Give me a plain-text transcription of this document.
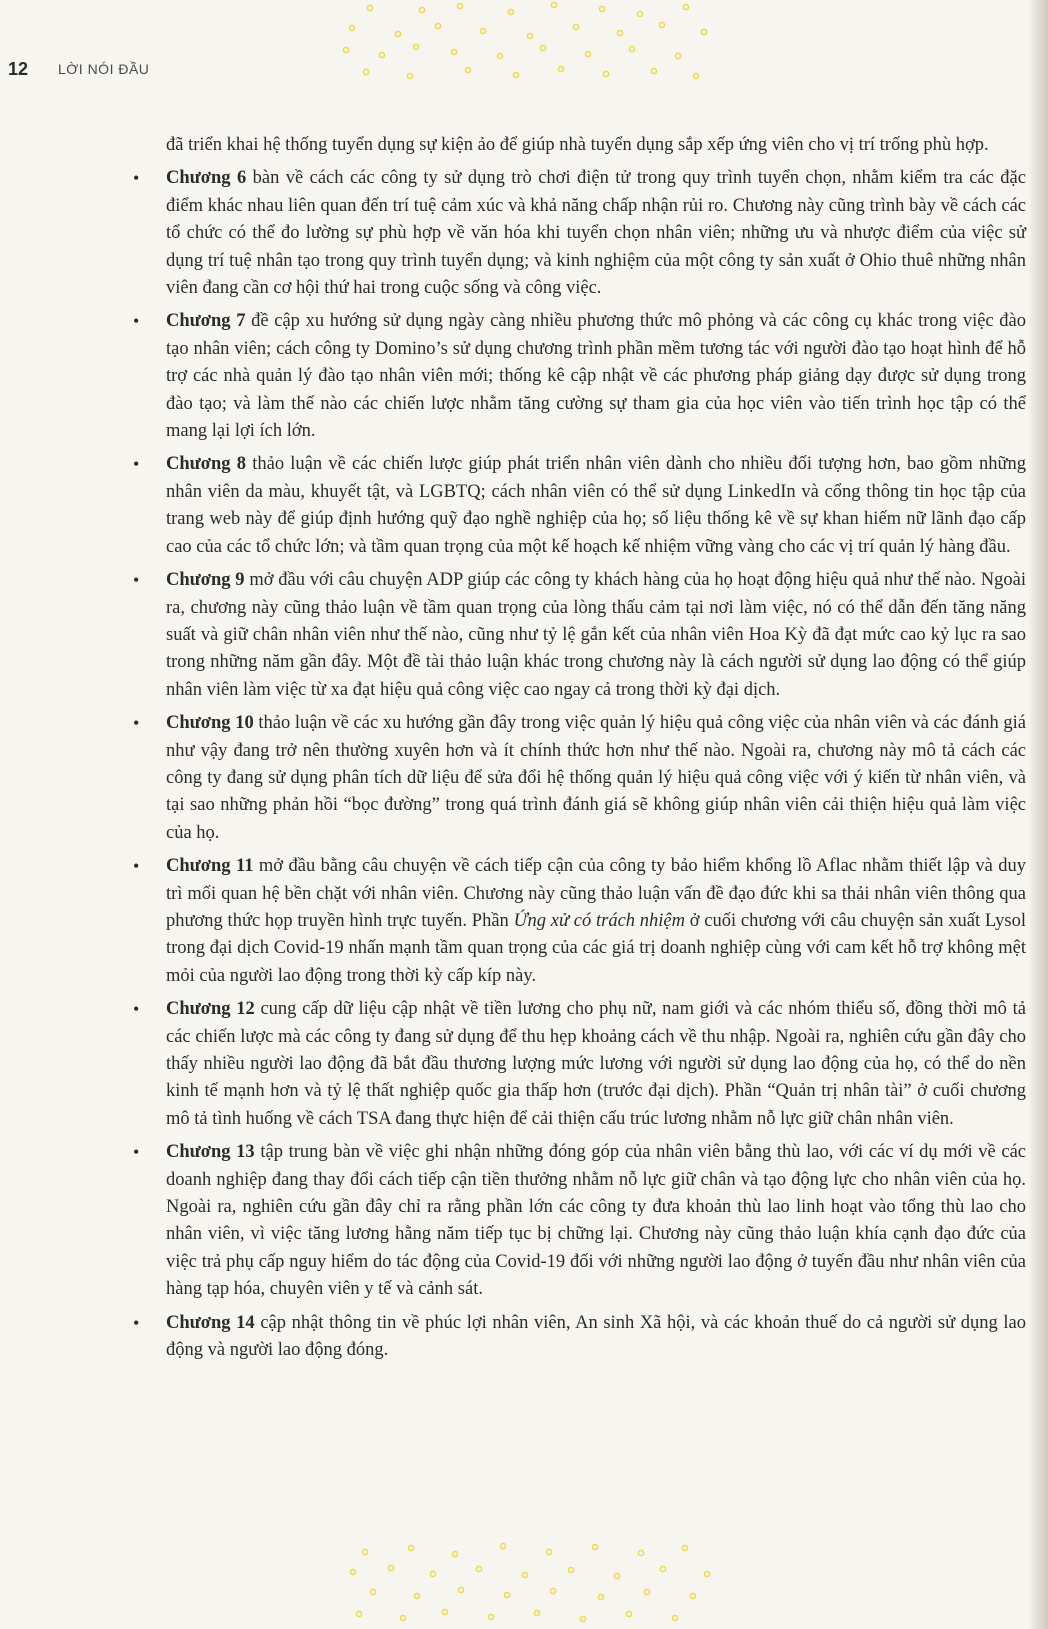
12	LỜI NÓI ĐẦU

đã triển khai hệ thống tuyển dụng sự kiện ảo để giúp nhà tuyển dụng sắp xếp ứng viên cho vị trí trống phù hợp.

• Chương 6 bàn về cách các công ty sử dụng trò chơi điện tử trong quy trình tuyển chọn, nhằm kiểm tra các đặc điểm khác nhau liên quan đến trí tuệ cảm xúc và khả năng chấp nhận rủi ro. Chương này cũng trình bày về cách các tổ chức có thể đo lường sự phù hợp về văn hóa khi tuyển chọn nhân viên; những ưu và nhược điểm của việc sử dụng trí tuệ nhân tạo trong quy trình tuyển dụng; và kinh nghiệm của một công ty sản xuất ở Ohio thuê những nhân viên đang cần cơ hội thứ hai trong cuộc sống và công việc.
• Chương 7 đề cập xu hướng sử dụng ngày càng nhiều phương thức mô phỏng và các công cụ khác trong việc đào tạo nhân viên; cách công ty Domino’s sử dụng chương trình phần mềm tương tác với người đào tạo hoạt hình để hỗ trợ các nhà quản lý đào tạo nhân viên mới; thống kê cập nhật về các phương pháp giảng dạy được sử dụng trong đào tạo; và làm thế nào các chiến lược nhằm tăng cường sự tham gia của học viên vào tiến trình học tập có thể mang lại lợi ích lớn.
• Chương 8 thảo luận về các chiến lược giúp phát triển nhân viên dành cho nhiều đối tượng hơn, bao gồm những nhân viên da màu, khuyết tật, và LGBTQ; cách nhân viên có thể sử dụng LinkedIn và cổng thông tin học tập của trang web này để giúp định hướng quỹ đạo nghề nghiệp của họ; số liệu thống kê về sự khan hiếm nữ lãnh đạo cấp cao của các tổ chức lớn; và tầm quan trọng của một kế hoạch kế nhiệm vững vàng cho các vị trí quản lý hàng đầu.
• Chương 9 mở đầu với câu chuyện ADP giúp các công ty khách hàng của họ hoạt động hiệu quả như thế nào. Ngoài ra, chương này cũng thảo luận về tầm quan trọng của lòng thấu cảm tại nơi làm việc, nó có thể dẫn đến tăng năng suất và giữ chân nhân viên như thế nào, cũng như tỷ lệ gắn kết của nhân viên Hoa Kỳ đã đạt mức cao kỷ lục ra sao trong những năm gần đây. Một đề tài thảo luận khác trong chương này là cách người sử dụng lao động có thể giúp nhân viên làm việc từ xa đạt hiệu quả công việc cao ngay cả trong thời kỳ đại dịch.
• Chương 10 thảo luận về các xu hướng gần đây trong việc quản lý hiệu quả công việc của nhân viên và các đánh giá như vậy đang trở nên thường xuyên hơn và ít chính thức hơn như thế nào. Ngoài ra, chương này mô tả cách các công ty đang sử dụng phân tích dữ liệu để sửa đổi hệ thống quản lý hiệu quả công việc với ý kiến từ nhân viên, và tại sao những phản hồi “bọc đường” trong quá trình đánh giá sẽ không giúp nhân viên cải thiện hiệu quả làm việc của họ.
• Chương 11 mở đầu bằng câu chuyện về cách tiếp cận của công ty bảo hiểm khổng lồ Aflac nhằm thiết lập và duy trì mối quan hệ bền chặt với nhân viên. Chương này cũng thảo luận vấn đề đạo đức khi sa thải nhân viên thông qua phương thức họp truyền hình trực tuyến. Phần Ứng xử có trách nhiệm ở cuối chương với câu chuyện sản xuất Lysol trong đại dịch Covid-19 nhấn mạnh tầm quan trọng của các giá trị doanh nghiệp cùng với cam kết hỗ trợ không mệt mỏi của người lao động trong thời kỳ cấp kíp này.
• Chương 12 cung cấp dữ liệu cập nhật về tiền lương cho phụ nữ, nam giới và các nhóm thiểu số, đồng thời mô tả các chiến lược mà các công ty đang sử dụng để thu hẹp khoảng cách về thu nhập. Ngoài ra, nghiên cứu gần đây cho thấy nhiều người lao động đã bắt đầu thương lượng mức lương với người sử dụng lao động của họ, có thể do nền kinh tế mạnh hơn và tỷ lệ thất nghiệp quốc gia thấp hơn (trước đại dịch). Phần “Quản trị nhân tài” ở cuối chương mô tả tình huống về cách TSA đang thực hiện để cải thiện cấu trúc lương nhằm nỗ lực giữ chân nhân viên.
• Chương 13 tập trung bàn về việc ghi nhận những đóng góp của nhân viên bằng thù lao, với các ví dụ mới về các doanh nghiệp đang thay đổi cách tiếp cận tiền thưởng nhằm nỗ lực giữ chân và tạo động lực cho nhân viên của họ. Ngoài ra, nghiên cứu gần đây chỉ ra rằng phần lớn các công ty đưa khoản thù lao linh hoạt vào tổng thù lao cho nhân viên, vì việc tăng lương hằng năm tiếp tục bị chững lại. Chương này cũng thảo luận khía cạnh đạo đức của việc trả phụ cấp nguy hiểm do tác động của Covid-19 đối với những người lao động ở tuyến đầu như nhân viên của hàng tạp hóa, chuyên viên y tế và cảnh sát.
• Chương 14 cập nhật thông tin về phúc lợi nhân viên, An sinh Xã hội, và các khoản thuế do cả người sử dụng lao động và người lao động đóng.
